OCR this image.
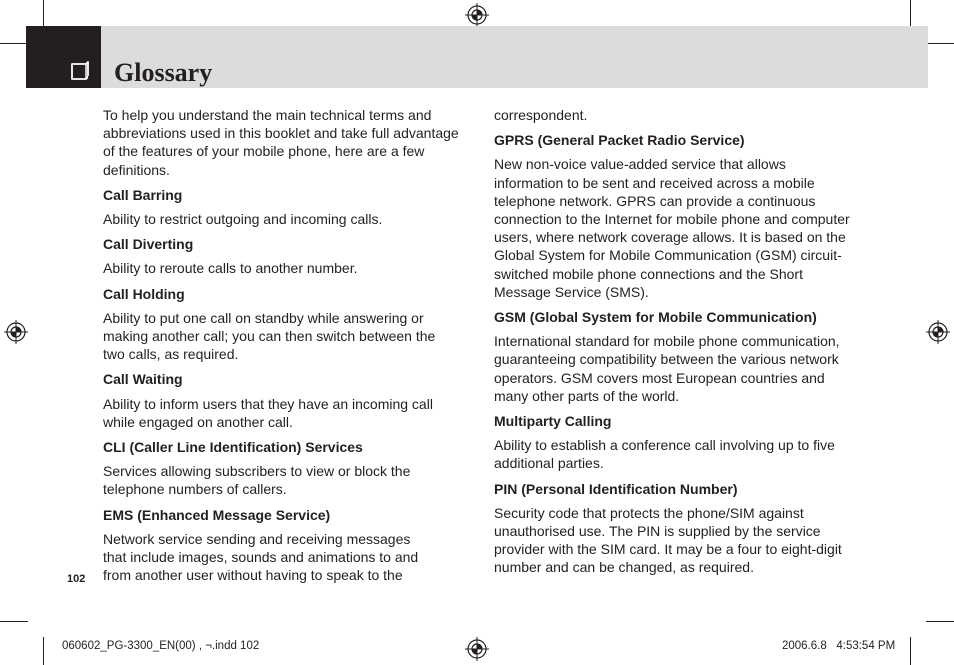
Glossary

To help you understand the main technical terms and abbreviations used in this booklet and take full advantage of the features of your mobile phone, here are a few definitions.

Call Barring

Ability to restrict outgoing and incoming calls.

Call Diverting

Ability to reroute calls to another number.

Call Holding

Ability to put one call on standby while answering or making another call; you can then switch between the two calls, as required.

Call Waiting

Ability to inform users that they have an incoming call while engaged on another call.

CLI (Caller Line Identification) Services

Services allowing subscribers to view or block the telephone numbers of callers.

EMS (Enhanced Message Service)

Network service sending and receiving messages that include images, sounds and animations to and from another user without having to speak to the

correspondent.

GPRS (General Packet Radio Service)

New non-voice value-added service that allows information to be sent and received across a mobile telephone network. GPRS can provide a continuous connection to the Internet for mobile phone and computer users, where network coverage allows. It is based on the Global System for Mobile Communication (GSM) circuit-switched mobile phone connections and the Short Message Service (SMS).

GSM (Global System for Mobile Communication)

International standard for mobile phone communication, guaranteeing compatibility between the various network operators. GSM covers most European countries and many other parts of the world.

Multiparty Calling

Ability to establish a conference call involving up to five additional parties.

PIN (Personal Identification Number)

Security code that protects the phone/SIM against unauthorised use. The PIN is supplied by the service provider with the SIM card. It may be a four to eight-digit number and can be changed, as required.

102

060602_PG-3300_EN(00) , ¬.indd 102	2006.6.8   4:53:54 PM
